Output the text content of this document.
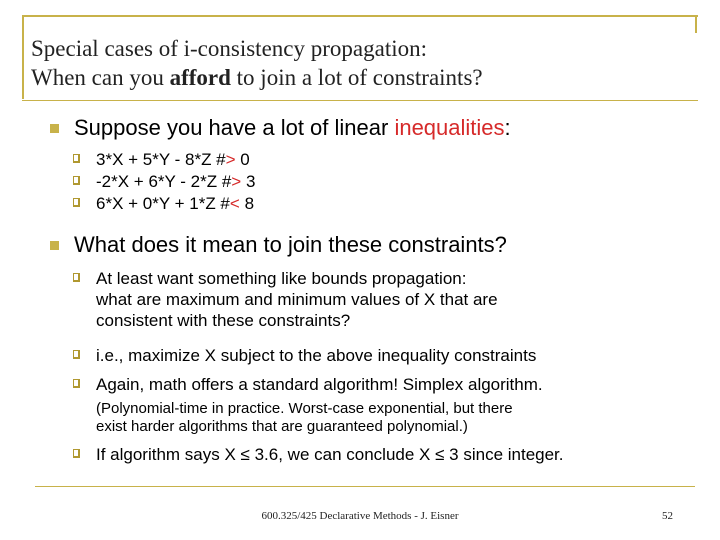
Special cases of i-consistency propagation:
When can you afford to join a lot of constraints?
Suppose you have a lot of linear inequalities:
3*X + 5*Y - 8*Z #> 0
-2*X + 6*Y - 2*Z #> 3
6*X + 0*Y + 1*Z #< 8
What does it mean to join these constraints?
At least want something like bounds propagation:
what are maximum and minimum values of X that are
consistent with these constraints?
i.e., maximize X subject to the above inequality constraints
Again, math offers a standard algorithm! Simplex algorithm.
(Polynomial-time in practice. Worst-case exponential, but there
exist harder algorithms that are guaranteed polynomial.)
If algorithm says X ≤ 3.6, we can conclude X ≤ 3 since integer.
600.325/425 Declarative Methods - J. Eisner	52
